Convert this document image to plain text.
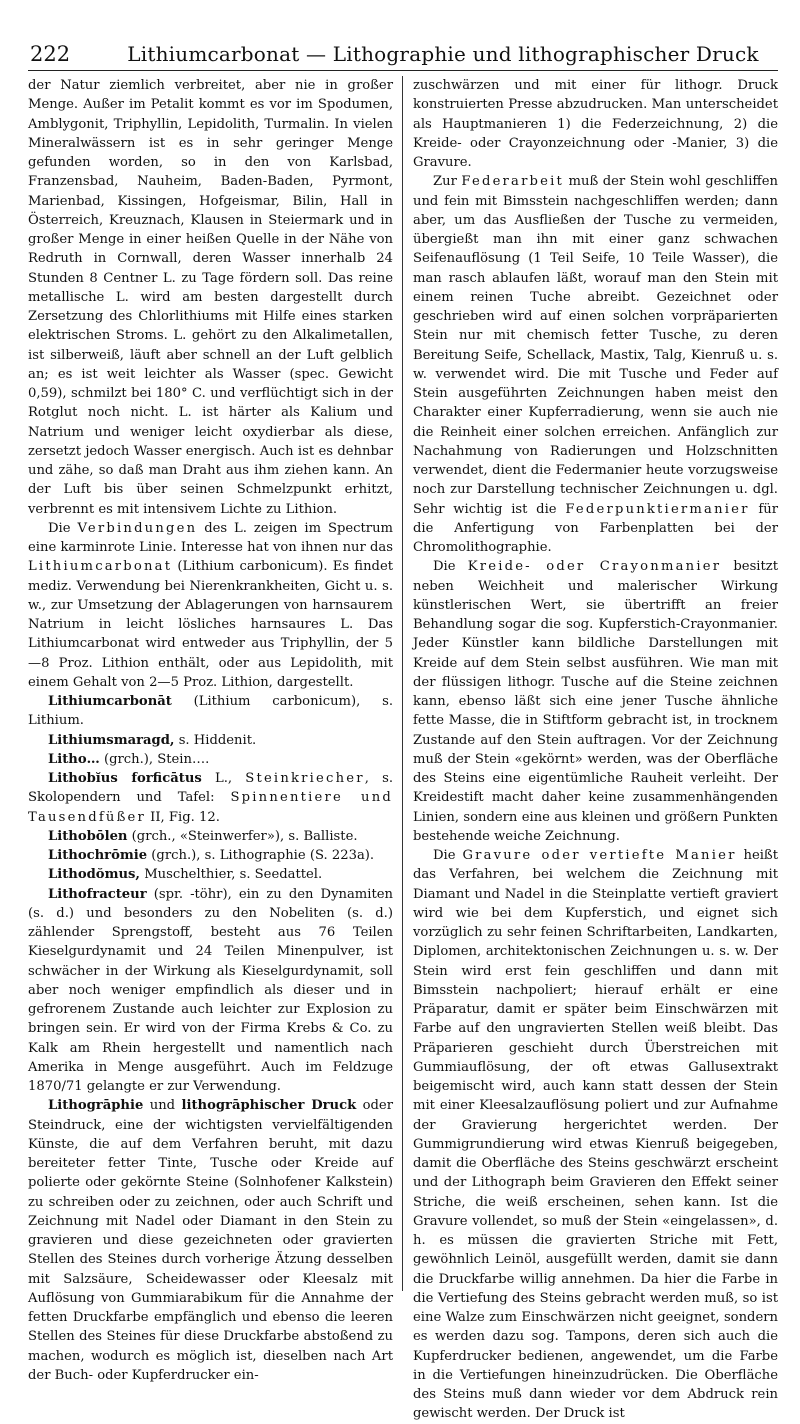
222	Lithiumcarbonat — Lithographie und lithographischer Druck

der Natur ziemlich verbreitet, aber nie in großer Menge. Außer im Petalit kommt es vor im Spodumen, Amblygonit, Triphyllin, Lepidolith, Turmalin. In vielen Mineralwässern ist es in sehr geringer Menge gefunden worden, so in den von Karlsbad, Franzensbad, Nauheim, Baden-Baden, Pyrmont, Marienbad, Kissingen, Hofgeismar, Bilin, Hall in Österreich, Kreuznach, Klausen in Steiermark und in großer Menge in einer heißen Quelle in der Nähe von Redruth in Cornwall, deren Wasser innerhalb 24 Stunden 8 Centner L. zu Tage fördern soll. Das reine metallische L. wird am besten dargestellt durch Zersetzung des Chlorlithiums mit Hilfe eines starken elektrischen Stroms. L. gehört zu den Alkalimetallen, ist silberweiß, läuft aber schnell an der Luft gelblich an; es ist weit leichter als Wasser (spec. Gewicht 0,59), schmilzt bei 180° C. und verflüchtigt sich in der Rotglut noch nicht. L. ist härter als Kalium und Natrium und weniger leicht oxydierbar als diese, zersetzt jedoch Wasser energisch. Auch ist es dehnbar und zähe, so daß man Draht aus ihm ziehen kann. An der Luft bis über seinen Schmelzpunkt erhitzt, verbrennt es mit intensivem Lichte zu Lithion.

Die Verbindungen des L. zeigen im Spectrum eine karminrote Linie. Interesse hat von ihnen nur das Lithiumcarbonat (Lithium carbonicum). Es findet mediz. Verwendung bei Nierenkrankheiten, Gicht u. s. w., zur Umsetzung der Ablagerungen von harnsaurem Natrium in leicht lösliches harnsaures L. Das Lithiumcarbonat wird entweder aus Triphyllin, der 5—8 Proz. Lithion enthält, oder aus Lepidolith, mit einem Gehalt von 2—5 Proz. Lithion, dargestellt.

Lithiumcarbonāt (Lithium carbonicum), s. Lithium.

Lithiumsmaragd, s. Hiddenit.

Litho… (grch.), Stein….

Lithobĭus forficātus L., Steinkriecher, s. Skolopendern und Tafel: Spinnentiere und Tausendfüßer II, Fig. 12.

Lithobōlen (grch., «Steinwerfer»), s. Balliste.

Lithochrōmie (grch.), s. Lithographie (S. 223a).

Lithodŏmus, Muschelthier, s. Seedattel.

Lithofracteur (spr. -töhr), ein zu den Dynamiten (s. d.) und besonders zu den Nobeliten (s. d.) zählender Sprengstoff, besteht aus 76 Teilen Kieselgurdynamit und 24 Teilen Minenpulver, ist schwächer in der Wirkung als Kieselgurdynamit, soll aber noch weniger empfindlich als dieser und in gefrorenem Zustande auch leichter zur Explosion zu bringen sein. Er wird von der Firma Krebs & Co. zu Kalk am Rhein hergestellt und namentlich nach Amerika in Menge ausgeführt. Auch im Feldzuge 1870/71 gelangte er zur Verwendung.

Lithogrāphie und lithogrāphischer Druck oder Steindruck, eine der wichtigsten vervielfältigenden Künste, die auf dem Verfahren beruht, mit dazu bereiteter fetter Tinte, Tusche oder Kreide auf polierte oder gekörnte Steine (Solnhofener Kalkstein) zu schreiben oder zu zeichnen, oder auch Schrift und Zeichnung mit Nadel oder Diamant in den Stein zu gravieren und diese gezeichneten oder gravierten Stellen des Steines durch vorherige Ätzung desselben mit Salzsäure, Scheidewasser oder Kleesalz mit Auflösung von Gummiarabikum für die Annahme der fetten Druckfarbe empfänglich und ebenso die leeren Stellen des Steines für diese Druckfarbe abstoßend zu machen, wodurch es möglich ist, dieselben nach Art der Buch- oder Kupferdrucker ein-

zuschwärzen und mit einer für lithogr. Druck konstruierten Presse abzudrucken. Man unterscheidet als Hauptmanieren 1) die Federzeichnung, 2) die Kreide- oder Crayonzeichnung oder -Manier, 3) die Gravure.

Zur Federarbeit muß der Stein wohl geschliffen und fein mit Bimsstein nachgeschliffen werden; dann aber, um das Ausfließen der Tusche zu vermeiden, übergießt man ihn mit einer ganz schwachen Seifenauflösung (1 Teil Seife, 10 Teile Wasser), die man rasch ablaufen läßt, worauf man den Stein mit einem reinen Tuche abreibt. Gezeichnet oder geschrieben wird auf einen solchen vorpräparierten Stein nur mit chemisch fetter Tusche, zu deren Bereitung Seife, Schellack, Mastix, Talg, Kienruß u. s. w. verwendet wird. Die mit Tusche und Feder auf Stein ausgeführten Zeichnungen haben meist den Charakter einer Kupferradierung, wenn sie auch nie die Reinheit einer solchen erreichen. Anfänglich zur Nachahmung von Radierungen und Holzschnitten verwendet, dient die Federmanier heute vorzugsweise noch zur Darstellung technischer Zeichnungen u. dgl. Sehr wichtig ist die Federpunktiermanier für die Anfertigung von Farbenplatten bei der Chromolithographie.

Die Kreide- oder Crayonmanier besitzt neben Weichheit und malerischer Wirkung künstlerischen Wert, sie übertrifft an freier Behandlung sogar die sog. Kupferstich-Crayonmanier. Jeder Künstler kann bildliche Darstellungen mit Kreide auf dem Stein selbst ausführen. Wie man mit der flüssigen lithogr. Tusche auf die Steine zeichnen kann, ebenso läßt sich eine jener Tusche ähnliche fette Masse, die in Stiftform gebracht ist, in trocknem Zustande auf den Stein auftragen. Vor der Zeichnung muß der Stein «gekörnt» werden, was der Oberfläche des Steins eine eigentümliche Rauheit verleiht. Der Kreidestift macht daher keine zusammenhängenden Linien, sondern eine aus kleinen und größern Punkten bestehende weiche Zeichnung.

Die Gravure oder vertiefte Manier heißt das Verfahren, bei welchem die Zeichnung mit Diamant und Nadel in die Steinplatte vertieft graviert wird wie bei dem Kupferstich, und eignet sich vorzüglich zu sehr feinen Schriftarbeiten, Landkarten, Diplomen, architektonischen Zeichnungen u. s. w. Der Stein wird erst fein geschliffen und dann mit Bimsstein nachpoliert; hierauf erhält er eine Präparatur, damit er später beim Einschwärzen mit Farbe auf den ungravierten Stellen weiß bleibt. Das Präparieren geschieht durch Überstreichen mit Gummiauflösung, der oft etwas Gallusextrakt beigemischt wird, auch kann statt dessen der Stein mit einer Kleesalzauflösung poliert und zur Aufnahme der Gravierung hergerichtet werden. Der Gummigrundierung wird etwas Kienruß beigegeben, damit die Oberfläche des Steins geschwärzt erscheint und der Lithograph beim Gravieren den Effekt seiner Striche, die weiß erscheinen, sehen kann. Ist die Gravure vollendet, so muß der Stein «eingelassen», d. h. es müssen die gravierten Striche mit Fett, gewöhnlich Leinöl, ausgefüllt werden, damit sie dann die Druckfarbe willig annehmen. Da hier die Farbe in die Vertiefung des Steins gebracht werden muß, so ist eine Walze zum Einschwärzen nicht geeignet, sondern es werden dazu sog. Tampons, deren sich auch die Kupferdrucker bedienen, angewendet, um die Farbe in die Vertiefungen hineinzudrücken. Die Oberfläche des Steins muß dann wieder vor dem Abdruck rein gewischt werden. Der Druck ist
